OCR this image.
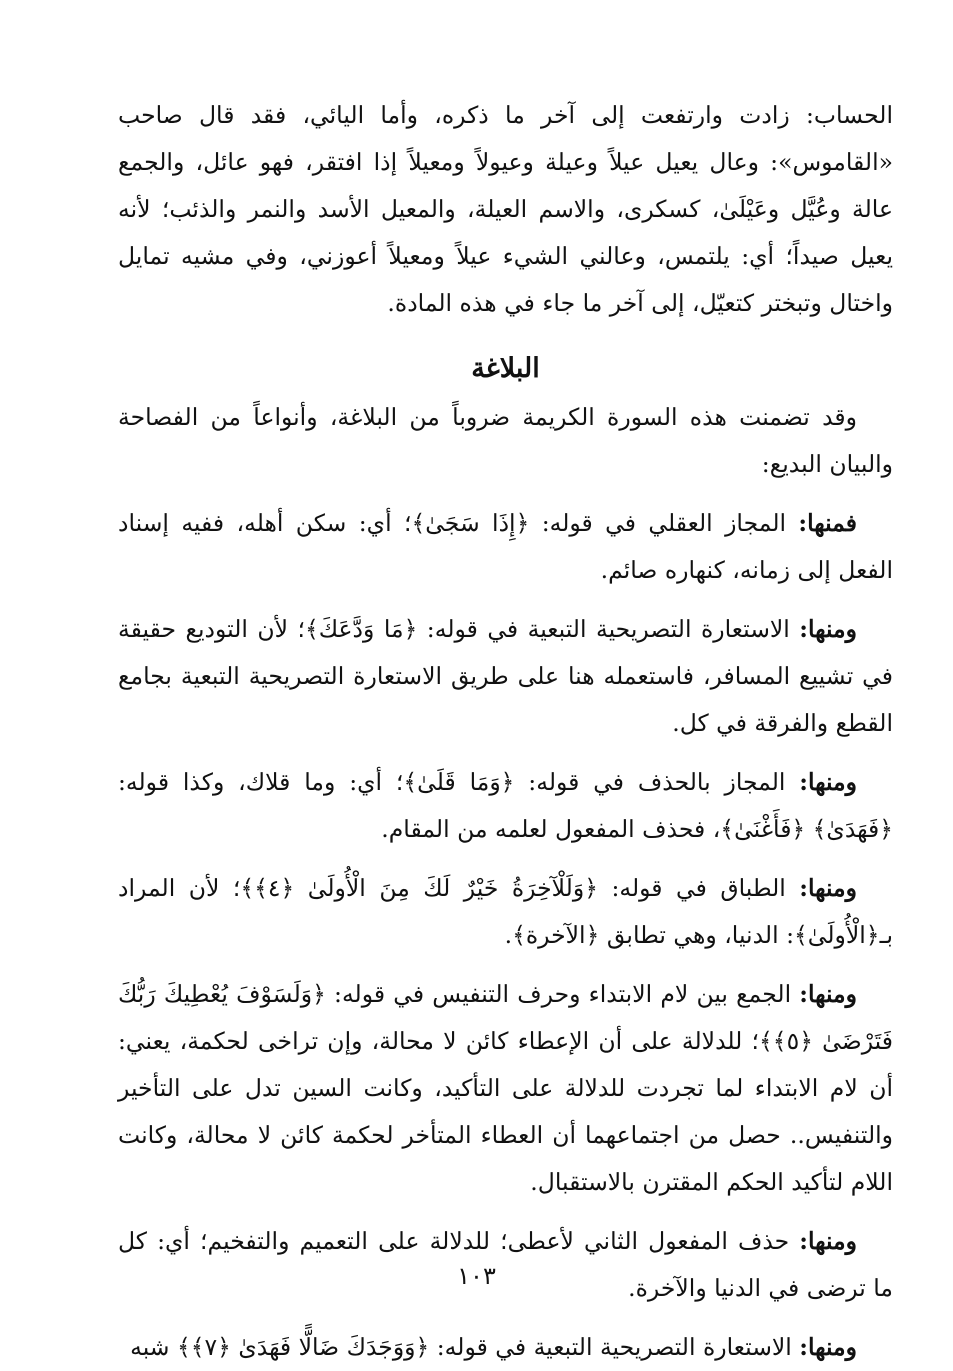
الحساب: زادت وارتفعت إلى آخر ما ذكره، وأما اليائي، فقد قال صاحب «القاموس»: وعال يعيل عيلاً وعيلة وعيولاً ومعيلاً إذا افتقر، فهو عائل، والجمع عالة وعُيَّل وعَيْلَىٰ، كسكرى، والاسم العيلة، والمعيل الأسد والنمر والذئب؛ لأنه يعيل صيداً؛ أي: يلتمس، وعالني الشيء عيلاً ومعيلاً أعوزني، وفي مشيه تمايل واختال وتبختر كتعيّل، إلى آخر ما جاء في هذه المادة.

البلاغة

وقد تضمنت هذه السورة الكريمة ضروباً من البلاغة، وأنواعاً من الفصاحة والبيان البديع:

فمنها: المجاز العقلي في قوله: ﴿إِذَا سَجَىٰ﴾؛ أي: سكن أهله، ففيه إسناد الفعل إلى زمانه، كنهاره صائم.

ومنها: الاستعارة التصريحية التبعية في قوله: ﴿مَا وَدَّعَكَ﴾؛ لأن التوديع حقيقة في تشييع المسافر، فاستعمله هنا على طريق الاستعارة التصريحية التبعية بجامع القطع والفرقة في كل.

ومنها: المجاز بالحذف في قوله: ﴿وَمَا قَلَىٰ﴾؛ أي: وما قلاك، وكذا قوله: ﴿فَهَدَىٰ﴾ ﴿فَأَغْنَىٰ﴾، فحذف المفعول لعلمه من المقام.

ومنها: الطباق في قوله: ﴿وَلَلْآخِرَةُ خَيْرٌ لَكَ مِنَ الْأُولَىٰ ﴿٤﴾﴾؛ لأن المراد بـ﴿الْأُولَىٰ﴾: الدنيا، وهي تطابق ﴿الآخرة﴾.

ومنها: الجمع بين لام الابتداء وحرف التنفيس في قوله: ﴿وَلَسَوْفَ يُعْطِيكَ رَبُّكَ فَتَرْضَىٰ ﴿٥﴾﴾؛ للدلالة على أن الإعطاء كائن لا محالة، وإن تراخى لحكمة، يعني: أن لام الابتداء لما تجردت للدلالة على التأكيد، وكانت السين تدل على التأخير والتنفيس.. حصل من اجتماعهما أن العطاء المتأخر لحكمة كائن لا محالة، وكانت اللام لتأكيد الحكم المقترن بالاستقبال.

ومنها: حذف المفعول الثاني لأعطى؛ للدلالة على التعميم والتفخيم؛ أي: كل ما ترضى في الدنيا والآخرة.

ومنها: الاستعارة التصريحية التبعية في قوله: ﴿وَوَجَدَكَ ضَالًّا فَهَدَىٰ ﴿٧﴾﴾ شبه

١٠٣
